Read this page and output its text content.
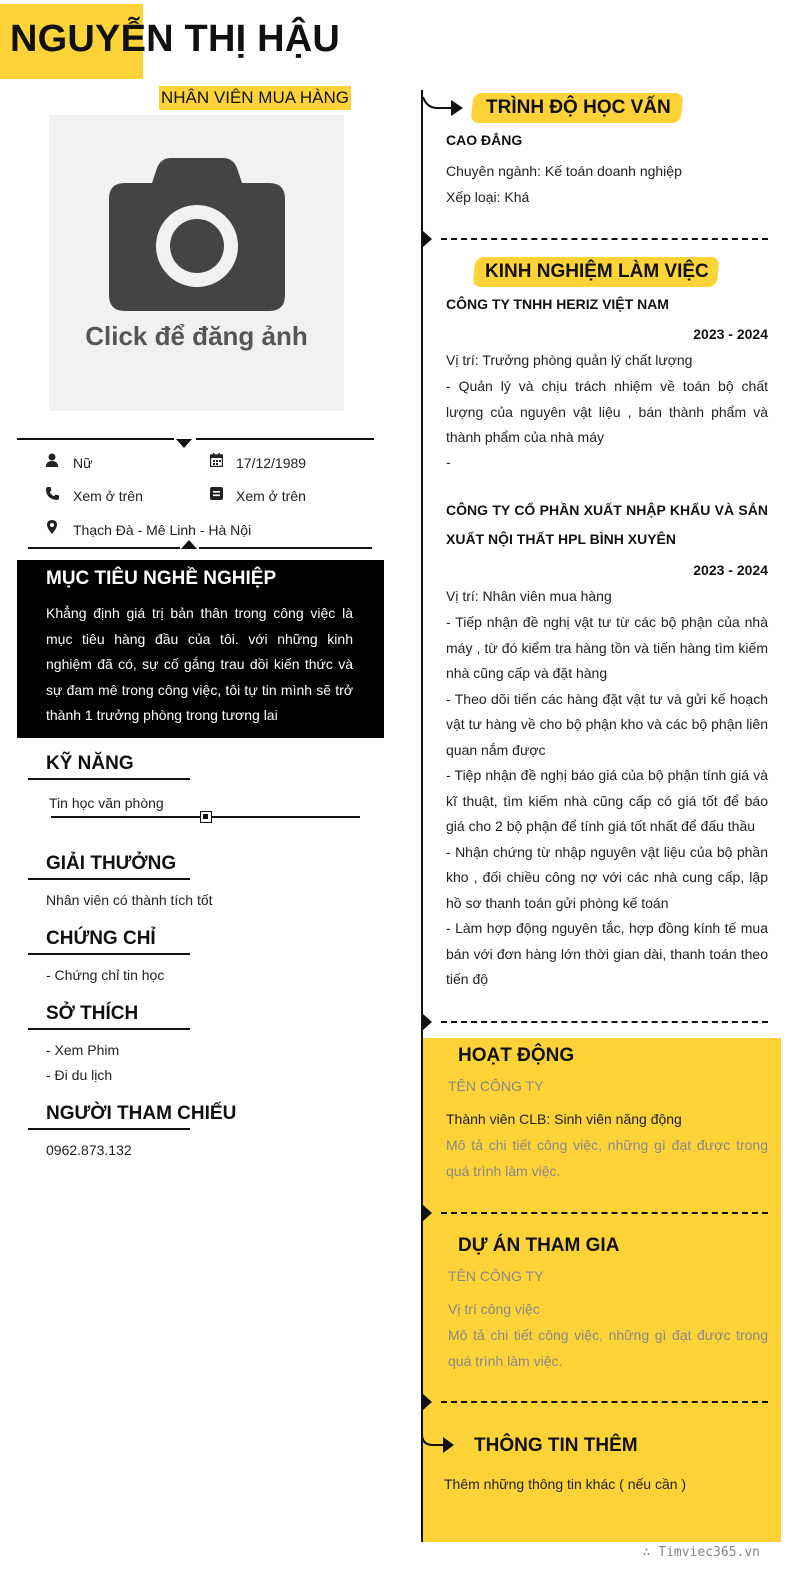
NGUYỄN THỊ HẬU
NHÂN VIÊN MUA HÀNG
Click để đăng ảnh
Nữ	17/12/1989
Xem ở trên	Xem ở trên
Thạch Đà - Mê Linh - Hà Nội
MỤC TIÊU NGHỀ NGHIỆP
Khẳng định giá trị bản thân trong công việc là mục tiêu hàng đầu của tôi. với những kinh nghiệm đã có, sự cố gắng trau dồi kiến thức và sự đam mê trong công việc, tôi tự tin mình sẽ trở thành 1 trưởng phòng trong tương lai
KỸ NĂNG
Tin học văn phòng
GIẢI THƯỞNG
Nhân viên có thành tích tốt
CHỨNG CHỈ
- Chứng chỉ tin học
SỞ THÍCH
- Xem Phim
- Đi du lịch
NGƯỜI THAM CHIẾU
0962.873.132
TRÌNH ĐỘ HỌC VẤN
CAO ĐẲNG
Chuyên ngành: Kế toán doanh nghiệp
Xếp loại: Khá
KINH NGHIỆM LÀM VIỆC
CÔNG TY TNHH HERIZ VIỆT NAM
2023 - 2024
Vị trí: Trưởng phòng quản lý chất lượng
- Quản lý và chịu trách nhiệm về toán bộ chất lượng của nguyên vật liệu , bán thành phẩm và thành phẩm của nhà máy
-
CÔNG TY CỔ PHẦN XUẤT NHẬP KHẨU VÀ SẢN XUẤT NỘI THẤT HPL BÌNH XUYÊN
2023 - 2024
Vị trí: Nhân viên mua hàng
- Tiếp nhận đề nghị vật tư từ các bộ phận của nhà máy , từ đó kiểm tra hàng tồn và tiến hàng tìm kiếm nhà cũng cấp và đặt hàng
- Theo dõi tiến các hàng đặt vật tư và gửi kế hoạch vật tư hàng về cho bộ phận kho và các bộ phận liên quan nắm được
- Tiệp nhận đề nghị báo giá của bộ phận tính giá và kĩ thuật, tìm kiếm nhà cũng cấp có giá tốt để báo giá cho 2 bộ phận để tính giá tốt nhất để đấu thầu
- Nhận chứng từ nhập nguyên vật liệu của bộ phần kho , đối chiều công nợ với các nhà cung cấp, lập hồ sơ thanh toán gửi phòng kế toán
- Làm hợp động nguyên tắc, hợp đồng kính tế mua bán với đơn hàng lớn thời gian dài, thanh toán theo tiến độ
HOẠT ĐỘNG
TÊN CÔNG TY
Thành viên CLB: Sinh viên năng động
Mô tả chi tiết công việc, những gì đạt được trong quá trình làm việc.
DỰ ÁN THAM GIA
TÊN CÔNG TY
Vị trí công việc
Mô tả chi tiết công việc, những gì đạt được trong quá trình làm việc.
THÔNG TIN THÊM
Thêm những thông tin khác ( nếu cần )
∴ Timviec365.vn
